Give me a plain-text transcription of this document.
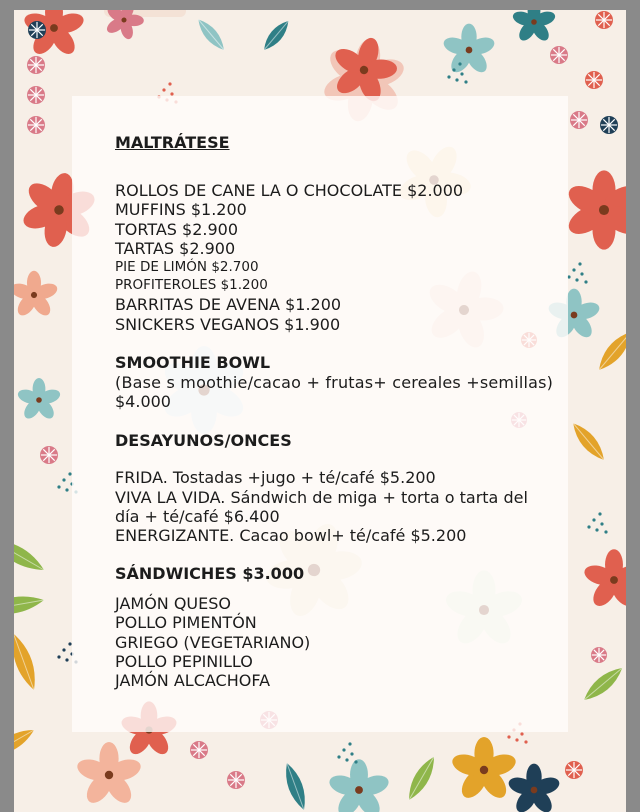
MALTRÁTESE
ROLLOS DE CANE LA O CHOCOLATE $2.000
MUFFINS $1.200
TORTAS $2.900
TARTAS $2.900
PIE DE LIMÓN $2.700
PROFITEROLES $1.200
BARRITAS DE AVENA $1.200
SNICKERS VEGANOS $1.900
SMOOTHIE BOWL
(Base s moothie/cacao + frutas+ cereales +semillas)
$4.000
DESAYUNOS/ONCES
FRIDA. Tostadas +jugo + té/café $5.200
VIVA LA VIDA. Sándwich de miga + torta o tarta del
día + té/café $6.400
ENERGIZANTE. Cacao bowl+ té/café $5.200
SÁNDWICHES $3.000
JAMÓN QUESO
POLLO PIMENTÓN
GRIEGO (VEGETARIANO)
POLLO PEPINILLO
JAMÓN ALCACHOFA
